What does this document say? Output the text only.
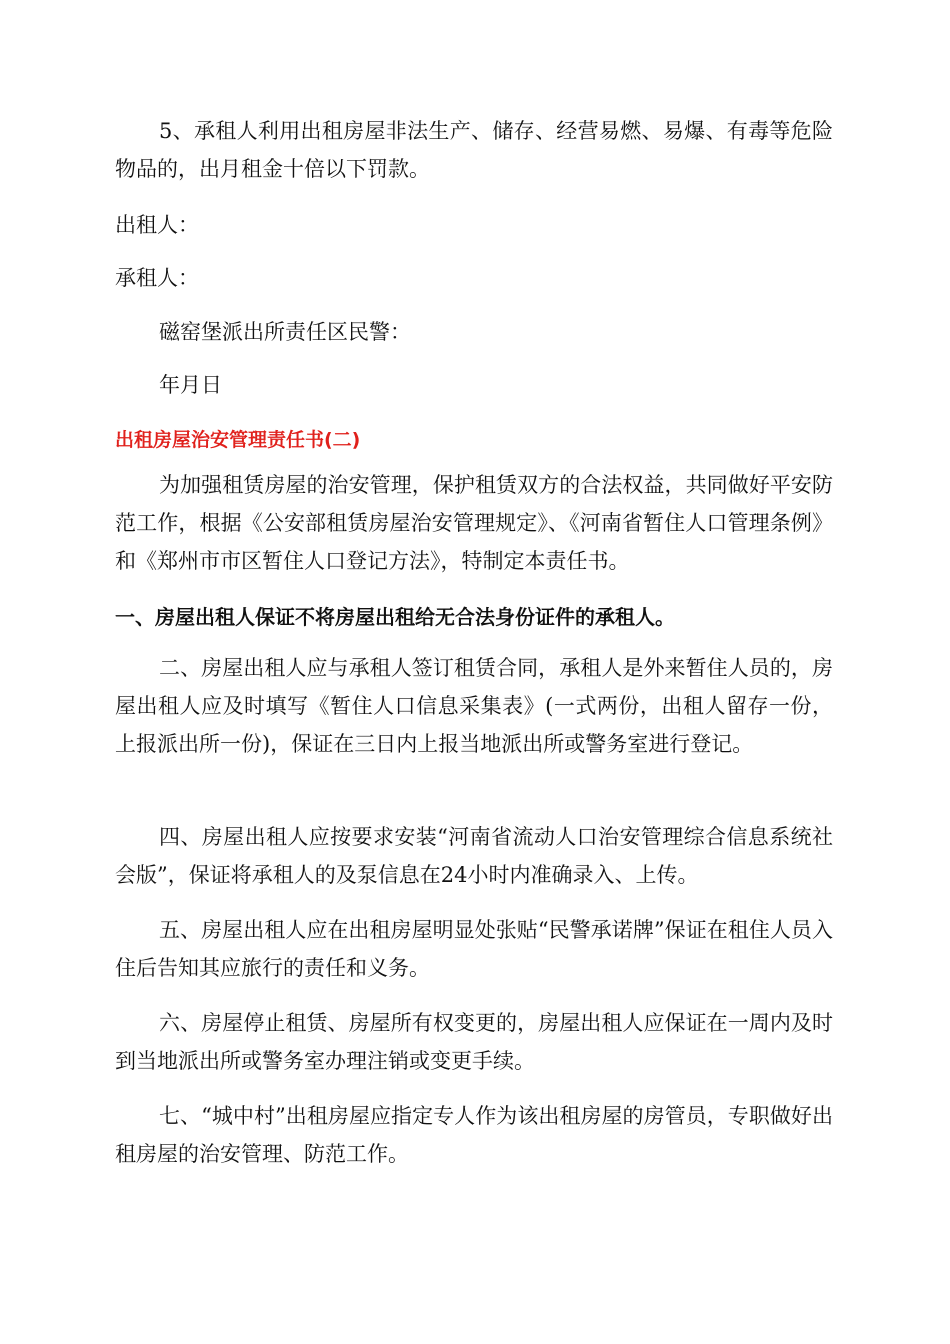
5、承租人利用出租房屋非法生产、储存、经营易燃、易爆、有毒等危险物品的，出月租金十倍以下罚款。

出租人：

承租人：

磁窑堡派出所责任区民警：

年月日

出租房屋治安管理责任书(二)

为加强租赁房屋的治安管理，保护租赁双方的合法权益，共同做好平安防范工作，根据《公安部租赁房屋治安管理规定》、《河南省暂住人口管理条例》和《郑州市市区暂住人口登记方法》，特制定本责任书。

一、房屋出租人保证不将房屋出租给无合法身份证件的承租人。

二、房屋出租人应与承租人签订租赁合同，承租人是外来暂住人员的，房屋出租人应及时填写《暂住人口信息采集表》(一式两份，出租人留存一份，上报派出所一份)，保证在三日内上报当地派出所或警务室进行登记。

四、房屋出租人应按要求安装“河南省流动人口治安管理综合信息系统社会版”，保证将承租人的及泵信息在24小时内准确录入、上传。

五、房屋出租人应在出租房屋明显处张贴“民警承诺牌”保证在租住人员入住后告知其应旅行的责任和义务。

六、房屋停止租赁、房屋所有权变更的，房屋出租人应保证在一周内及时到当地派出所或警务室办理注销或变更手续。

七、“城中村”出租房屋应指定专人作为该出租房屋的房管员，专职做好出租房屋的治安管理、防范工作。
